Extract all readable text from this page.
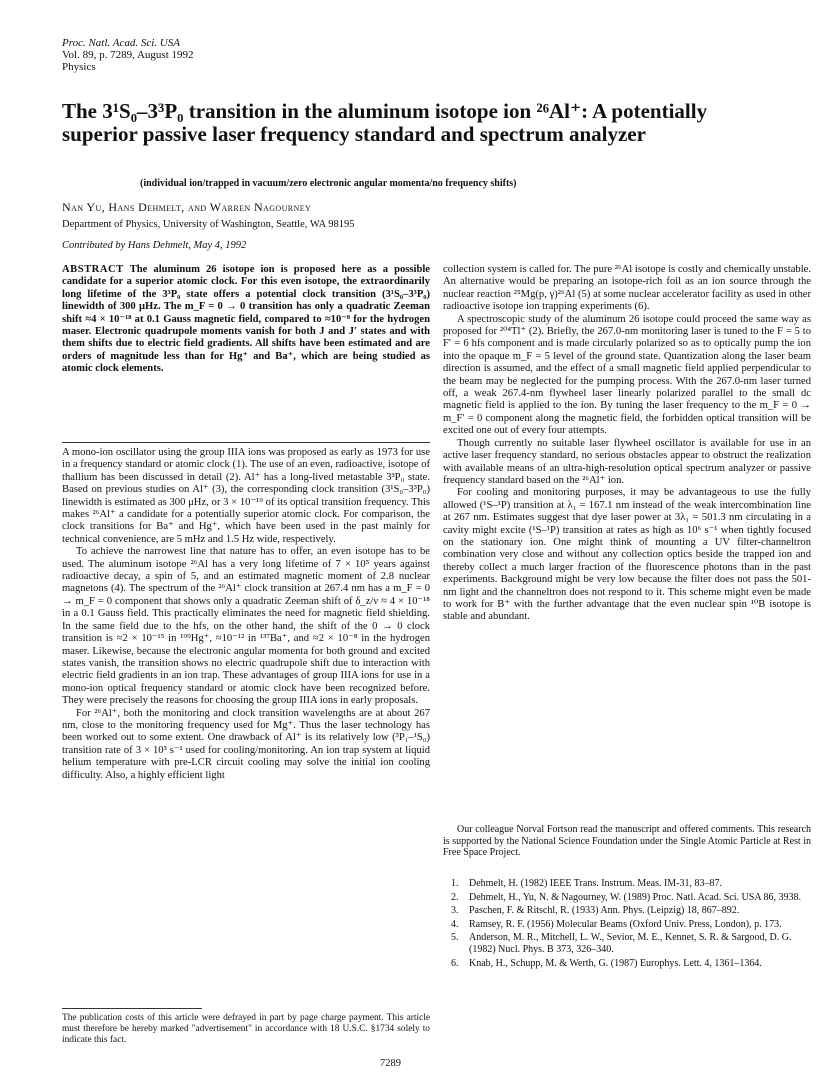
Proc. Natl. Acad. Sci. USA
Vol. 89, p. 7289, August 1992
Physics
The 3¹S₀–3³P₀ transition in the aluminum isotope ion ²⁶Al⁺: A potentially superior passive laser frequency standard and spectrum analyzer
(individual ion/trapped in vacuum/zero electronic angular momenta/no frequency shifts)
Nan Yu, Hans Dehmelt, and Warren Nagourney
Department of Physics, University of Washington, Seattle, WA 98195
Contributed by Hans Dehmelt, May 4, 1992

ABSTRACT The aluminum 26 isotope ion is proposed here as a possible candidate for a superior atomic clock. For this even isotope, the extraordinarily long lifetime of the 3³P₀ state offers a potential clock transition (3¹S₀–3³P₀) linewidth of 300 μHz. The m_F = 0 → 0 transition has only a quadratic Zeeman shift ≈4 × 10⁻¹⁸ at 0.1 Gauss magnetic field, compared to ≈10⁻⁸ for the hydrogen maser. Electronic quadrupole moments vanish for both J and J′ states and with them shifts due to electric field gradients. All shifts have been estimated and are orders of magnitude less than for Hg⁺ and Ba⁺, which are being studied as atomic clock elements.

A mono-ion oscillator using the group IIIA ions was proposed as early as 1973 for use in a frequency standard or atomic clock (1). The use of an even, radioactive, isotope of thallium has been discussed in detail (2). Al⁺ has a long-lived metastable 3³P₀ state. Based on previous studies on Al⁺ (3), the corresponding clock transition (3¹S₀–3³P₀) linewidth is estimated as 300 μHz, or 3 × 10⁻¹⁹ of its optical transition frequency. This makes ²⁶Al⁺ a candidate for a potentially superior atomic clock. For comparison, the clock transitions for Ba⁺ and Hg⁺, which have been used in the past mainly for technical convenience, are 5 mHz and 1.5 Hz wide, respectively.

To achieve the narrowest line that nature has to offer, an even isotope has to be used. The aluminum isotope ²⁶Al has a very long lifetime of 7 × 10⁵ years against radioactive decay, a spin of 5, and an estimated magnetic moment of 2.8 nuclear magnetons (4). The spectrum of the ²⁶Al⁺ clock transition at 267.4 nm has a m_F = 0 → m_F = 0 component that shows only a quadratic Zeeman shift of δ_z/ν ≈ 4 × 10⁻¹⁸ in a 0.1 Gauss field. This practically eliminates the need for magnetic field shielding. In the same field due to the hfs, on the other hand, the shift of the 0 → 0 clock transition is ≈2 × 10⁻¹⁵ in ¹⁹⁹Hg⁺, ≈10⁻¹² in ¹³⁷Ba⁺, and ≈2 × 10⁻⁸ in the hydrogen maser. Likewise, because the electronic angular momenta for both ground and excited states vanish, the transition shows no electric quadrupole shift due to interaction with electric field gradients in an ion trap. These advantages of group IIIA ions for use in a mono-ion optical frequency standard or atomic clock have been recognized before. They were precisely the reasons for choosing the group IIIA ions in early proposals.

For ²⁶Al⁺, both the monitoring and clock transition wavelengths are at about 267 nm, close to the monitoring frequency used for Mg⁺. Thus the laser technology has been worked out to some extent. One drawback of Al⁺ is its relatively low (³P₁–¹S₀) transition rate of 3 × 10³ s⁻¹ used for cooling/monitoring. An ion trap system at liquid helium temperature with pre-LCR circuit cooling may solve the initial ion cooling difficulty. Also, a highly efficient light

collection system is called for. The pure ²⁶Al isotope is costly and chemically unstable. An alternative would be preparing an isotope-rich foil as an ion source through the nuclear reaction ²⁵Mg(p, γ)²⁶Al (5) at some nuclear accelerator facility as used in other radioactive isotope ion trapping experiments (6).

A spectroscopic study of the aluminum 26 isotope could proceed the same way as proposed for ²⁰⁴Tl⁺ (2). Briefly, the 267.0-nm monitoring laser is tuned to the F = 5 to F′ = 6 hfs component and is made circularly polarized so as to optically pump the ion into the opaque m_F = 5 level of the ground state. Quantization along the laser beam direction is assumed, and the effect of a small magnetic field applied perpendicular to the beam may be neglected for the pumping process. With the 267.0-nm laser turned off, a weak 267.4-nm flywheel laser linearly polarized parallel to the small dc magnetic field is applied to the ion. By tuning the laser frequency to the m_F = 0 → m_F′ = 0 component along the magnetic field, the forbidden optical transition will be excited one out of every four attempts.

Though currently no suitable laser flywheel oscillator is available for use in an active laser frequency standard, no serious obstacles appear to obstruct the realization with available means of an ultra-high-resolution optical spectrum analyzer or passive frequency standard based on the ²⁶Al⁺ ion.

For cooling and monitoring purposes, it may be advantageous to use the fully allowed (¹S–¹P) transition at λ₁ = 167.1 nm instead of the weak intercombination line at 267 nm. Estimates suggest that dye laser power at 3λ₁ = 501.3 nm circulating in a cavity might excite (¹S–¹P) transition at rates as high as 10⁶ s⁻¹ when tightly focused on the stationary ion. One might think of mounting a UV filter-channeltron combination very close and without any collection optics beside the trapped ion and thereby collect a much larger fraction of the fluorescence photons than in the past experiments. Background might be very low because the filter does not pass the 501-nm light and the channeltron does not respond to it. This scheme might even be made to work for B⁺ with the further advantage that the even nuclear spin ¹⁰B isotope is stable and abundant.

Our colleague Norval Fortson read the manuscript and offered comments. This research is supported by the National Science Foundation under the Single Atomic Particle at Rest in Free Space Project.

1. Dehmelt, H. (1982) IEEE Trans. Instrum. Meas. IM-31, 83–87.
2. Dehmelt, H., Yu, N. & Nagourney, W. (1989) Proc. Natl. Acad. Sci. USA 86, 3938.
3. Paschen, F. & Ritschl, R. (1933) Ann. Phys. (Leipzig) 18, 867–892.
4. Ramsey, R. F. (1956) Molecular Beams (Oxford Univ. Press, London), p. 173.
5. Anderson, M. R., Mitchell, L. W., Sevior, M. E., Kennet, S. R. & Sargood, D. G. (1982) Nucl. Phys. B 373, 326–340.
6. Knab, H., Schupp, M. & Werth, G. (1987) Europhys. Lett. 4, 1361–1364.
The publication costs of this article were defrayed in part by page charge payment. This article must therefore be hereby marked "advertisement" in accordance with 18 U.S.C. §1734 solely to indicate this fact.
7289
